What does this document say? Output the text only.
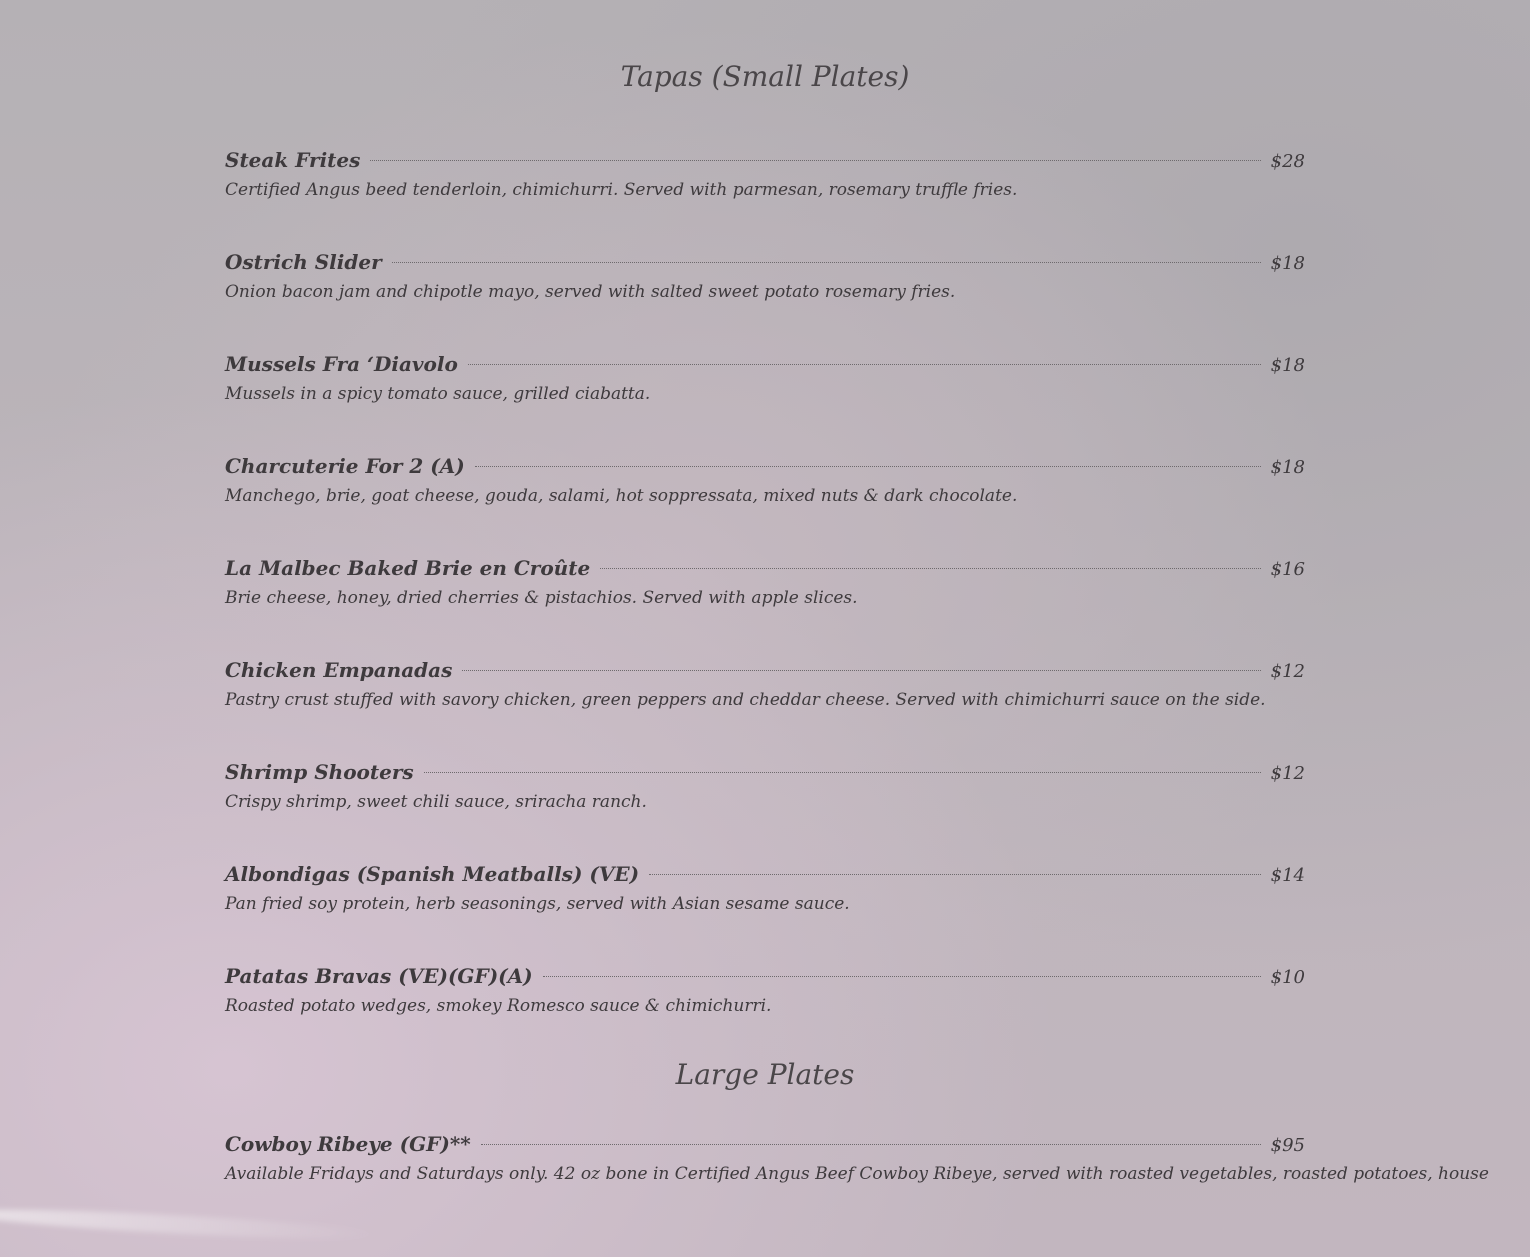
Tapas (Small Plates)
Steak Frites	$28
Certified Angus beed tenderloin, chimichurri. Served with parmesan, rosemary truffle fries.
Ostrich Slider	$18
Onion bacon jam and chipotle mayo, served with salted sweet potato rosemary fries.
Mussels Fra ‘Diavolo	$18
Mussels in a spicy tomato sauce, grilled ciabatta.
Charcuterie For 2 (A)	$18
Manchego, brie, goat cheese, gouda, salami, hot soppressata, mixed nuts & dark chocolate.
La Malbec Baked Brie en Croûte	$16
Brie cheese, honey, dried cherries & pistachios. Served with apple slices.
Chicken Empanadas	$12
Pastry crust stuffed with savory chicken, green peppers and cheddar cheese. Served with chimichurri sauce on the side.
Shrimp Shooters	$12
Crispy shrimp, sweet chili sauce, sriracha ranch.
Albondigas (Spanish Meatballs) (VE)	$14
Pan fried soy protein, herb seasonings, served with Asian sesame sauce.
Patatas Bravas (VE)(GF)(A)	$10
Roasted potato wedges, smokey Romesco sauce & chimichurri.
Large Plates
Cowboy Ribeye (GF)**	$95
Available Fridays and Saturdays only. 42 oz bone in Certified Angus Beef Cowboy Ribeye, served with roasted vegetables, roasted potatoes, house
